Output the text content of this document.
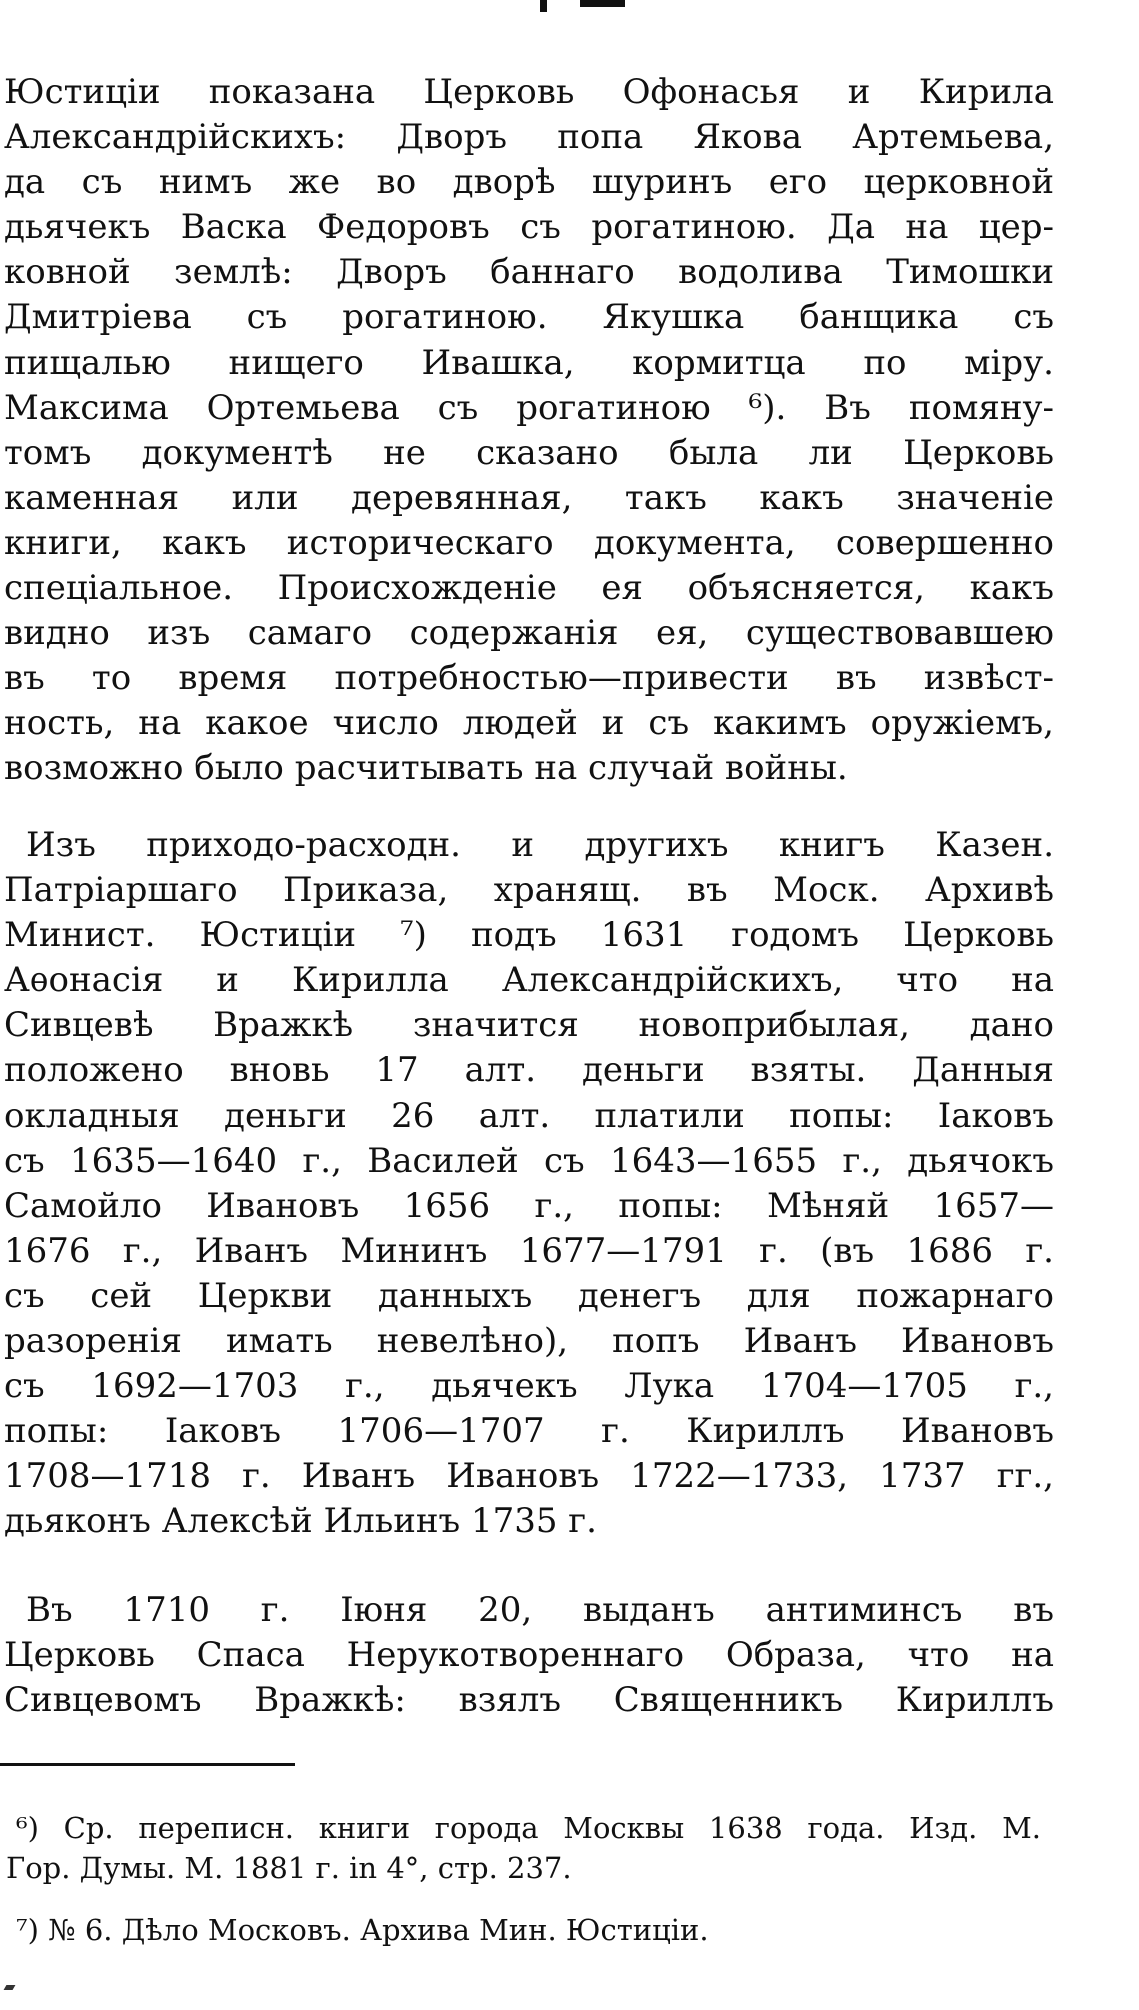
Юстиціи показана Церковь Офонасья и Кирила
Александрійскихъ: Дворъ попа Якова Артемьева,
да съ нимъ же во дворѣ шуринъ его церковной
дьячекъ Васка Федоровъ съ рогатиною. Да на цер-
ковной землѣ: Дворъ баннаго водолива Тимошки
Дмитріева съ рогатиною. Якушка банщика съ
пищалью нищего Ивашка, кормитца по міру.
Максима Ортемьева съ рогатиною ⁶). Въ помяну-
томъ документѣ не сказано была ли Церковь
каменная или деревянная, такъ какъ значеніе
книги, какъ историческаго документа, совершенно
спеціальное. Происхожденіе ея объясняется, какъ
видно изъ самаго содержанія ея, существовавшею
въ то время потребностью—привести въ извѣст-
ность, на какое число людей и съ какимъ оружіемъ,
возможно было расчитывать на случай войны.
Изъ приходо-расходн. и другихъ книгъ Казен.
Патріаршаго Приказа, хранящ. въ Моск. Архивѣ
Минист. Юстиціи ⁷) подъ 1631 годомъ Церковь
Аѳонасія и Кирилла Александрійскихъ, что на
Сивцевѣ Вражкѣ значится новоприбылая, дано
положено вновь 17 алт. деньги взяты. Данныя
окладныя деньги 26 алт. платили попы: Іаковъ
съ 1635—1640 г., Василей съ 1643—1655 г., дьячокъ
Самойло Ивановъ 1656 г., попы: Мѣняй 1657—
1676 г., Иванъ Мининъ 1677—1791 г. (въ 1686 г.
съ сей Церкви данныхъ денегъ для пожарнаго
разоренія имать невелѣно), попъ Иванъ Ивановъ
съ 1692—1703 г., дьячекъ Лука 1704—1705 г.,
попы: Іаковъ 1706—1707 г. Кириллъ Ивановъ
1708—1718 г. Иванъ Ивановъ 1722—1733, 1737 гг.,
дьяконъ Алексѣй Ильинъ 1735 г.
Въ 1710 г. Іюня 20, выданъ антиминсъ въ
Церковь Спаса Нерукотвореннаго Образа, что на
Сивцевомъ Вражкѣ: взялъ Священникъ Кириллъ
⁶) Ср. переписн. книги города Москвы 1638 года. Изд. М.
Гор. Думы. М. 1881 г. in 4°, стр. 237.
⁷) № 6. Дѣло Московъ. Архива Мин. Юстиціи.
